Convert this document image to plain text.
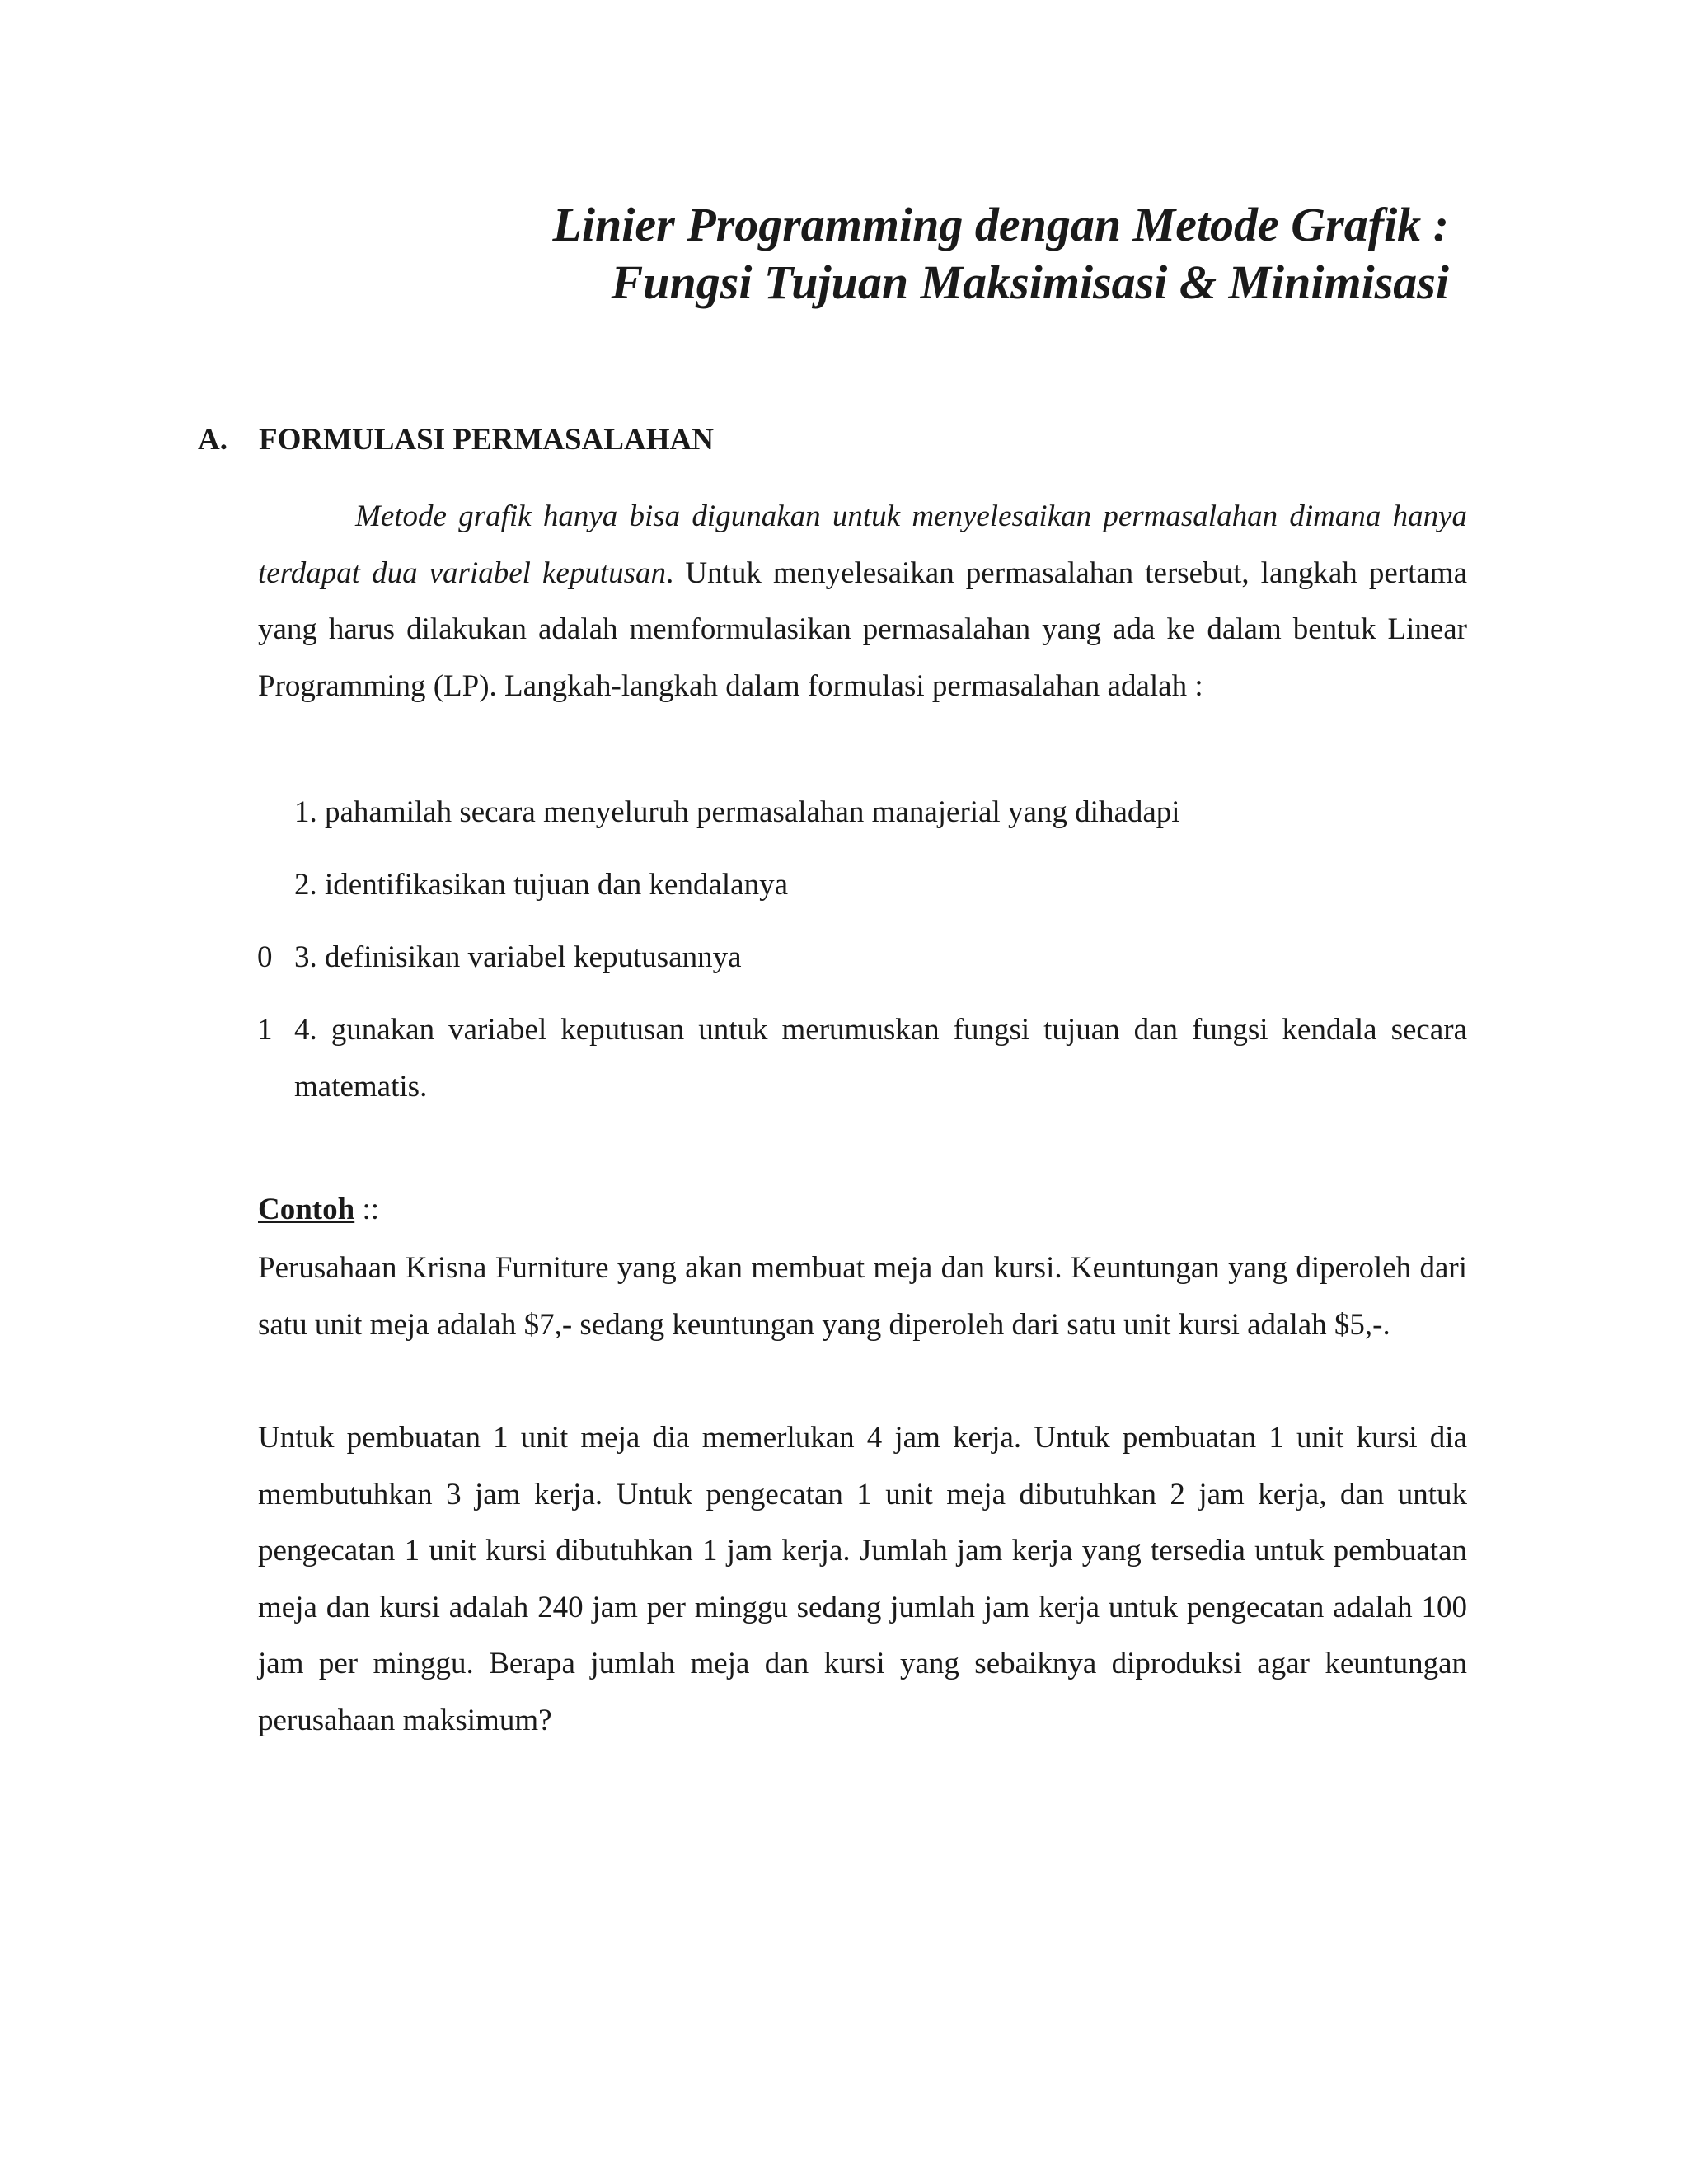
Linier Programming dengan Metode Grafik :
Fungsi Tujuan Maksimisasi & Minimisasi
A. FORMULASI PERMASALAHAN
Metode grafik hanya bisa digunakan untuk menyelesaikan permasalahan dimana hanya terdapat dua variabel keputusan. Untuk menyelesaikan permasalahan tersebut, langkah pertama yang harus dilakukan adalah memformulasikan permasalahan yang ada ke dalam bentuk Linear Programming (LP). Langkah-langkah dalam formulasi permasalahan adalah :
1. pahamilah secara menyeluruh permasalahan manajerial yang dihadapi
2. identifikasikan tujuan dan kendalanya
0 3. definisikan variabel keputusannya
1 4. gunakan variabel keputusan untuk merumuskan fungsi tujuan dan fungsi kendala secara matematis.
Contoh ::
Perusahaan Krisna Furniture yang akan membuat meja dan kursi. Keuntungan yang diperoleh dari satu unit meja adalah $7,- sedang keuntungan yang diperoleh dari satu unit kursi adalah $5,-.
Untuk pembuatan 1 unit meja dia memerlukan 4 jam kerja. Untuk pembuatan 1 unit kursi dia membutuhkan 3 jam kerja. Untuk pengecatan 1 unit meja dibutuhkan 2 jam kerja, dan untuk pengecatan 1 unit kursi dibutuhkan 1 jam kerja. Jumlah jam kerja yang tersedia untuk pembuatan meja dan kursi adalah 240 jam per minggu sedang jumlah jam kerja untuk pengecatan adalah 100 jam per minggu. Berapa jumlah meja dan kursi yang sebaiknya diproduksi agar keuntungan perusahaan maksimum?
